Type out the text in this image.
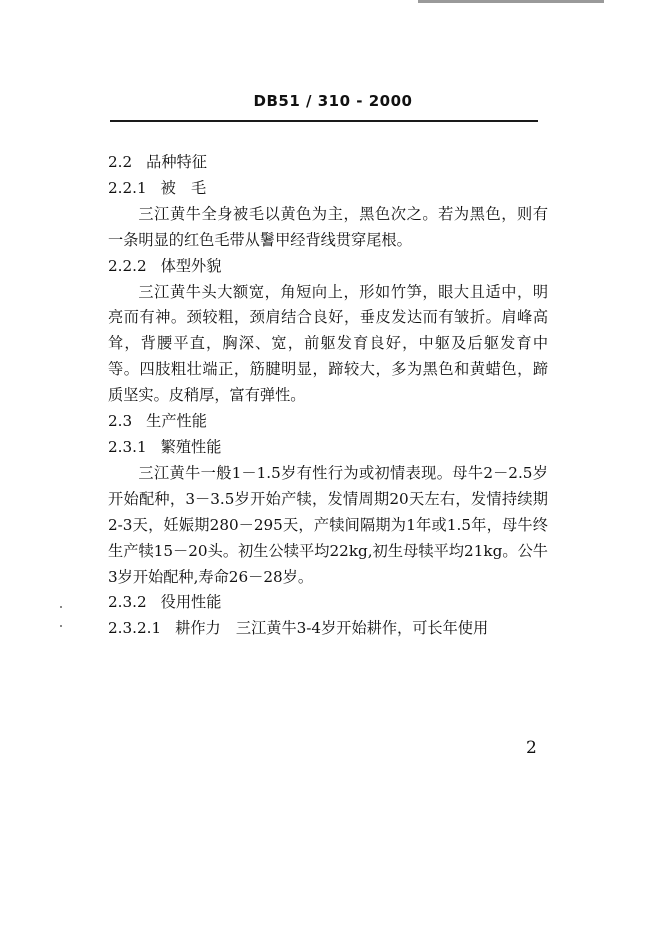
DB51 / 310 - 2000
2.2 品种特征
2.2.1 被　毛

三江黄牛全身被毛以黄色为主，黑色次之。若为黑色，则有一条明显的红色毛带从鬐甲经背线贯穿尾根。

2.2.2 体型外貌

三江黄牛头大额宽，角短向上，形如竹笋，眼大且适中，明亮而有神。颈较粗，颈肩结合良好，垂皮发达而有皱折。肩峰高耸，背腰平直，胸深、宽，前躯发育良好，中躯及后躯发育中等。四肢粗壮端正，筋腱明显，蹄较大，多为黑色和黄蜡色，蹄质坚实。皮稍厚，富有弹性。

2.3 生产性能
2.3.1 繁殖性能

三江黄牛一般1－1.5岁有性行为或初情表现。母牛2－2.5岁开始配种，3－3.5岁开始产犊，发情周期20天左右，发情持续期2-3天，妊娠期280－295天，产犊间隔期为1年或1.5年，母牛终生产犊15－20头。初生公犊平均22kg,初生母犊平均21kg。公牛3岁开始配种,寿命26－28岁。

2.3.2 役用性能
2.3.2.1 耕作力　三江黄牛3-4岁开始耕作，可长年使用
2
